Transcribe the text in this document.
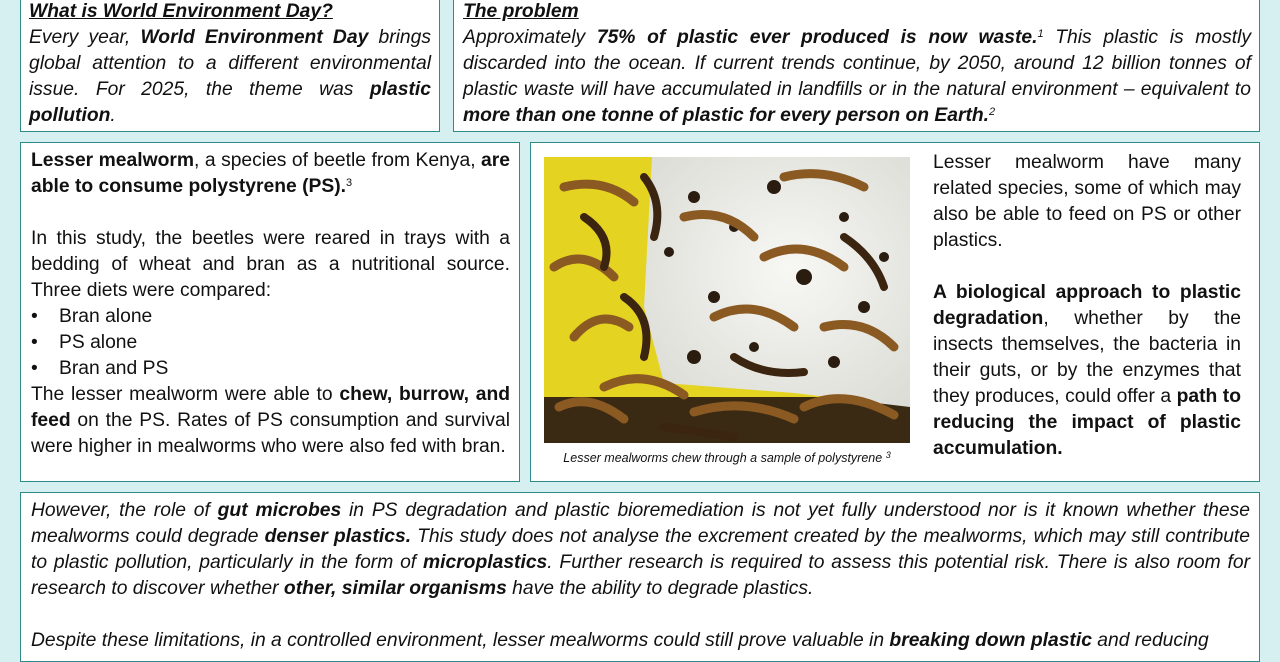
What is World Environment Day?

Every year, World Environment Day brings global attention to a different environmental issue. For 2025, the theme was plastic pollution.

The problem

Approximately 75% of plastic ever produced is now waste.$^1$ This plastic is mostly discarded into the ocean. If current trends continue, by 2050, around 12 billion tonnes of plastic waste will have accumulated in landfills or in the natural environment – equivalent to more than one tonne of plastic for every person on Earth.$^2$

Lesser mealworm, a species of beetle from Kenya, are able to consume polystyrene (PS).$^3$

In this study, the beetles were reared in trays with a bedding of wheat and bran as a nutritional source. Three diets were compared:

• Bran alone
• PS alone
• Bran and PS

The lesser mealworm were able to chew, burrow, and feed on the PS. Rates of PS consumption and survival were higher in mealworms who were also fed with bran.

Lesser mealworms chew through a sample of polystyrene $^3$

Lesser mealworm have many related species, some of which may also be able to feed on PS or other plastics.

A biological approach to plastic degradation, whether by the insects themselves, the bacteria in their guts, or by the enzymes that they produces, could offer a path to reducing the impact of plastic accumulation.

However, the role of gut microbes in PS degradation and plastic bioremediation is not yet fully understood nor is it known whether these mealworms could degrade denser plastics. This study does not analyse the excrement created by the mealworms, which may still contribute to plastic pollution, particularly in the form of microplastics. Further research is required to assess this potential risk. There is also room for research to discover whether other, similar organisms have the ability to degrade plastics.

Despite these limitations, in a controlled environment, lesser mealworms could still prove valuable in breaking down plastic and reducing
